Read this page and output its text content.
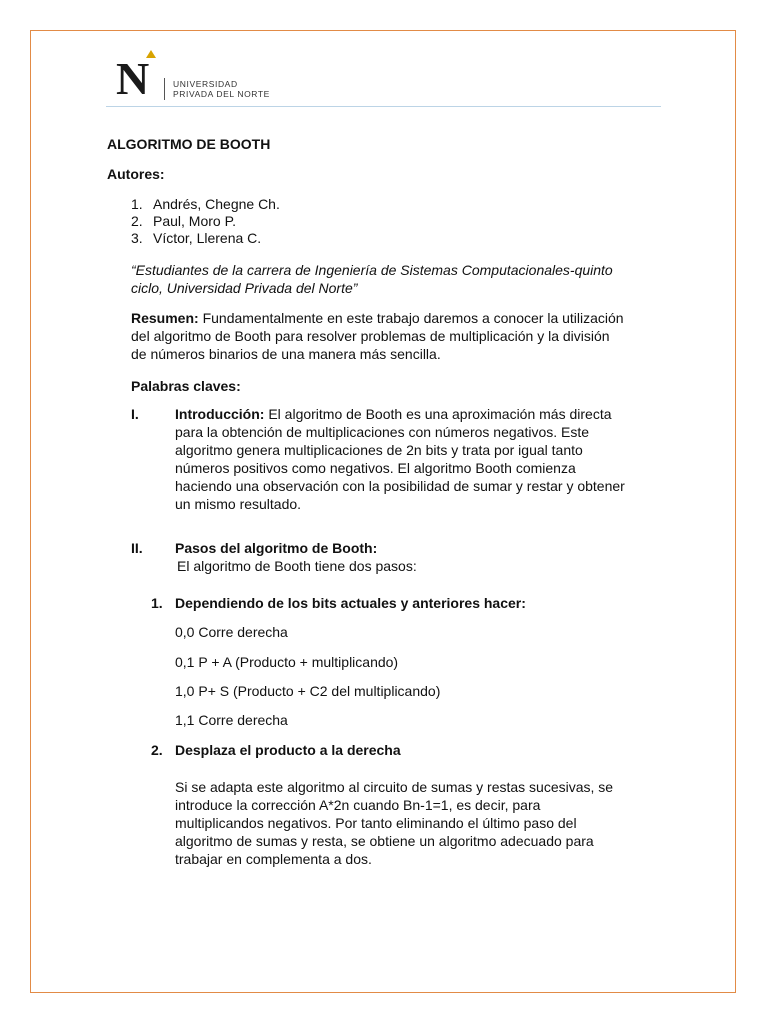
N	UNIVERSIDAD
PRIVADA DEL NORTE
ALGORITMO DE BOOTH
Autores:
1. Andrés, Chegne Ch.
2. Paul, Moro P.
3. Víctor, Llerena C.
“Estudiantes de la carrera de Ingeniería de Sistemas Computacionales-quinto
ciclo, Universidad Privada del Norte”
Resumen: Fundamentalmente en este trabajo daremos a conocer la utilización
del algoritmo de Booth para resolver problemas de multiplicación y la división
de números binarios de una manera más sencilla.
Palabras claves:
I.	Introducción: El algoritmo de Booth es una aproximación más directa
para la obtención de multiplicaciones con números negativos. Este
algoritmo genera multiplicaciones de 2n bits y trata por igual tanto
números positivos como negativos. El algoritmo Booth comienza
haciendo una observación con la posibilidad de sumar y restar y obtener
un mismo resultado.
II. Pasos del algoritmo de Booth:
El algoritmo de Booth tiene dos pasos:
1. Dependiendo de los bits actuales y anteriores hacer:
0,0 Corre derecha
0,1 P + A (Producto + multiplicando)
1,0 P+ S (Producto + C2 del multiplicando)
1,1 Corre derecha
2. Desplaza el producto a la derecha
Si se adapta este algoritmo al circuito de sumas y restas sucesivas, se
introduce la corrección A*2n cuando Bn-1=1, es decir, para
multiplicandos negativos. Por tanto eliminando el último paso del
algoritmo de sumas y resta, se obtiene un algoritmo adecuado para
trabajar en complementa a dos.
